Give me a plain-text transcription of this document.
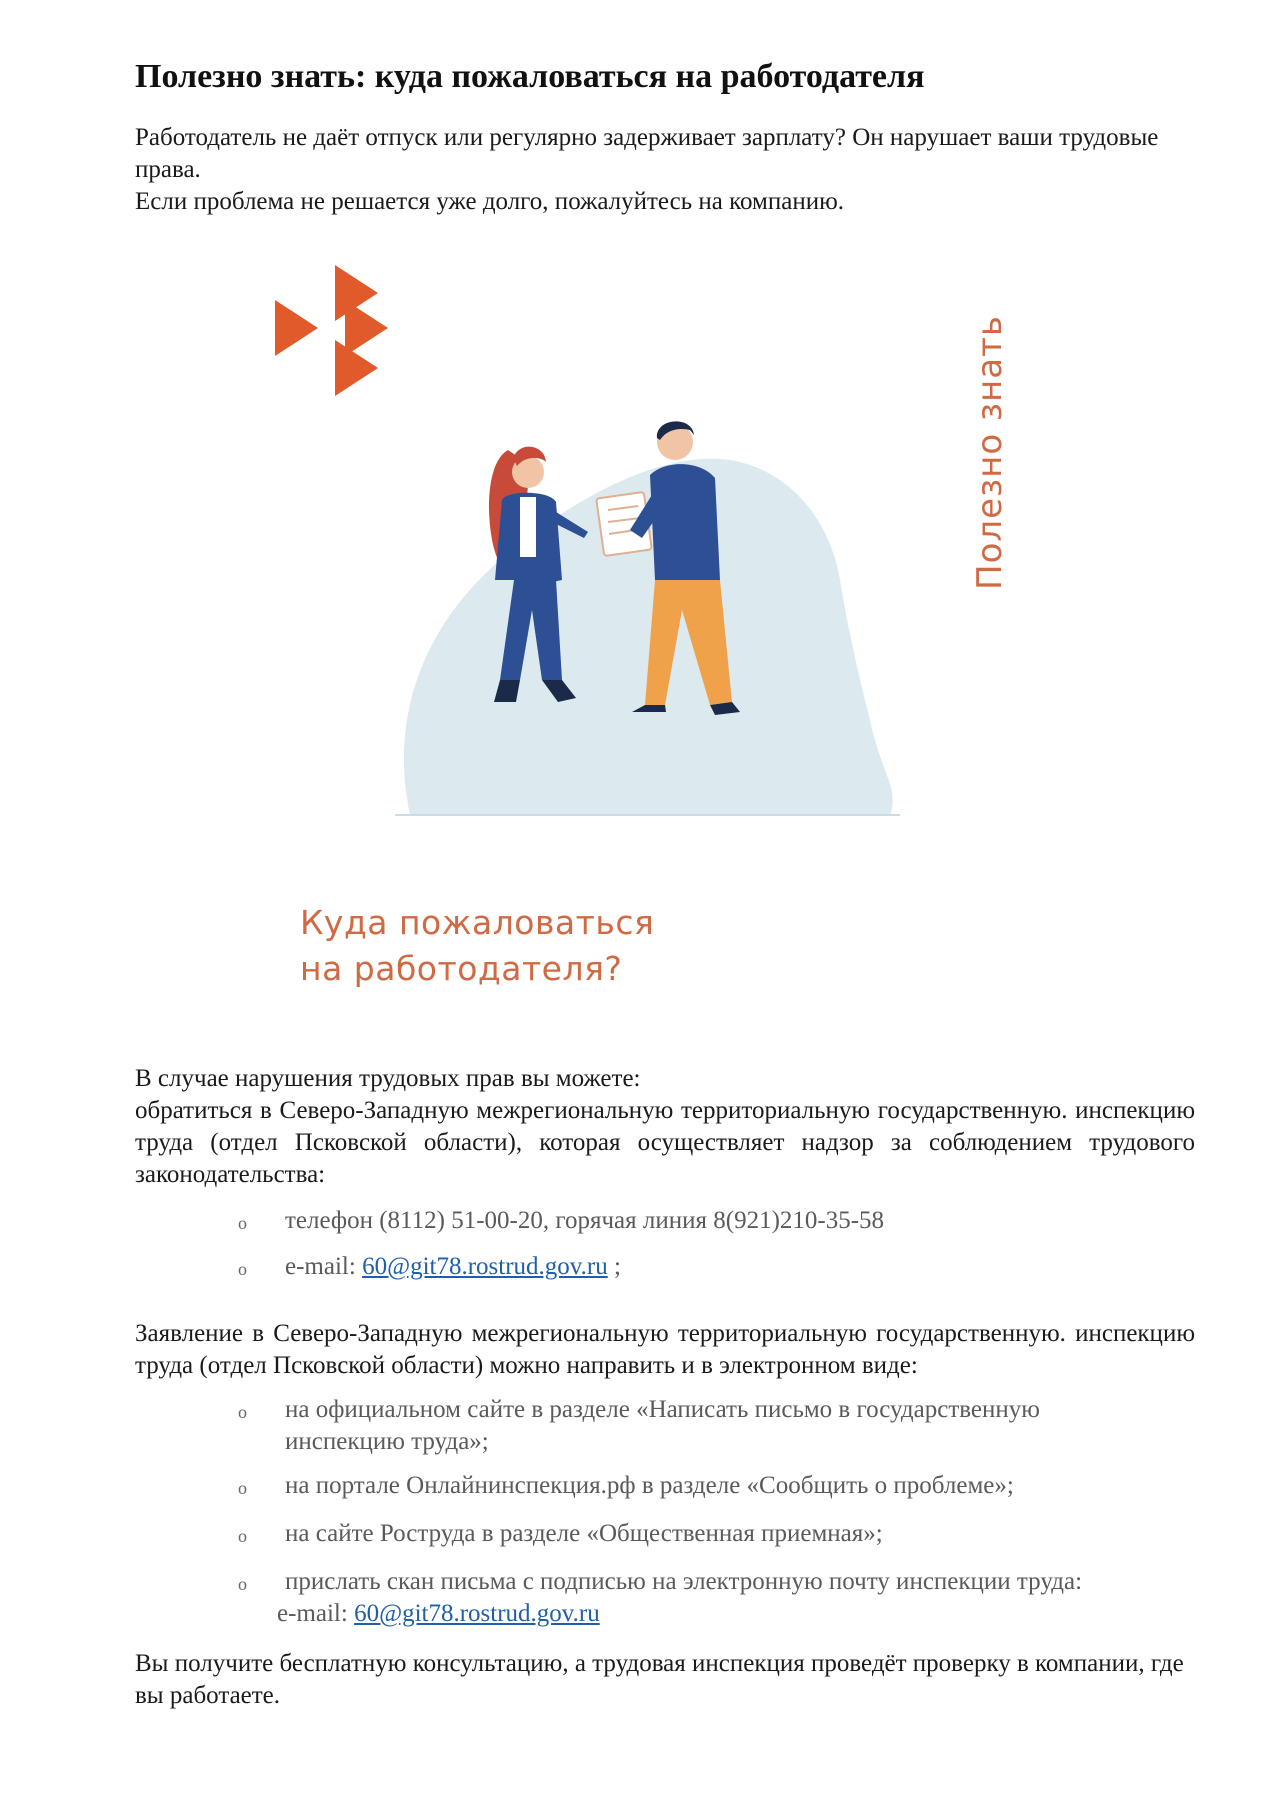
Полезно знать: куда пожаловаться на работодателя

Работодатель не даёт отпуск или регулярно задерживает зарплату? Он нарушает ваши трудовые права.

Если проблема не решается уже долго, пожалуйтесь на компанию.

Полезно знать

Куда пожаловаться
на работодателя?

В случае нарушения трудовых прав вы можете:

обратиться в Северо-Западную межрегиональную территориальную государственную. инспекцию труда (отдел Псковской области), которая осуществляет надзор за соблюдением трудового законодательства:

o телефон (8112) 51-00-20, горячая линия 8(921)210-35-58
o e-mail: 60@git78.rostrud.gov.ru ;

Заявление в Северо-Западную межрегиональную территориальную государственную. инспекцию труда (отдел Псковской области) можно направить и в электронном виде:

o на официальном сайте в разделе «Написать письмо в государственную инспекцию труда»;
o на портале Онлайнинспекция.рф в разделе «Сообщить о проблеме»;
o на сайте Роструда в разделе «Общественная приемная»;
o прислать скан письма с подписью на электронную почту инспекции труда:
e-mail: 60@git78.rostrud.gov.ru

Вы получите бесплатную консультацию, а трудовая инспекция проведёт проверку в компании, где вы работаете.
